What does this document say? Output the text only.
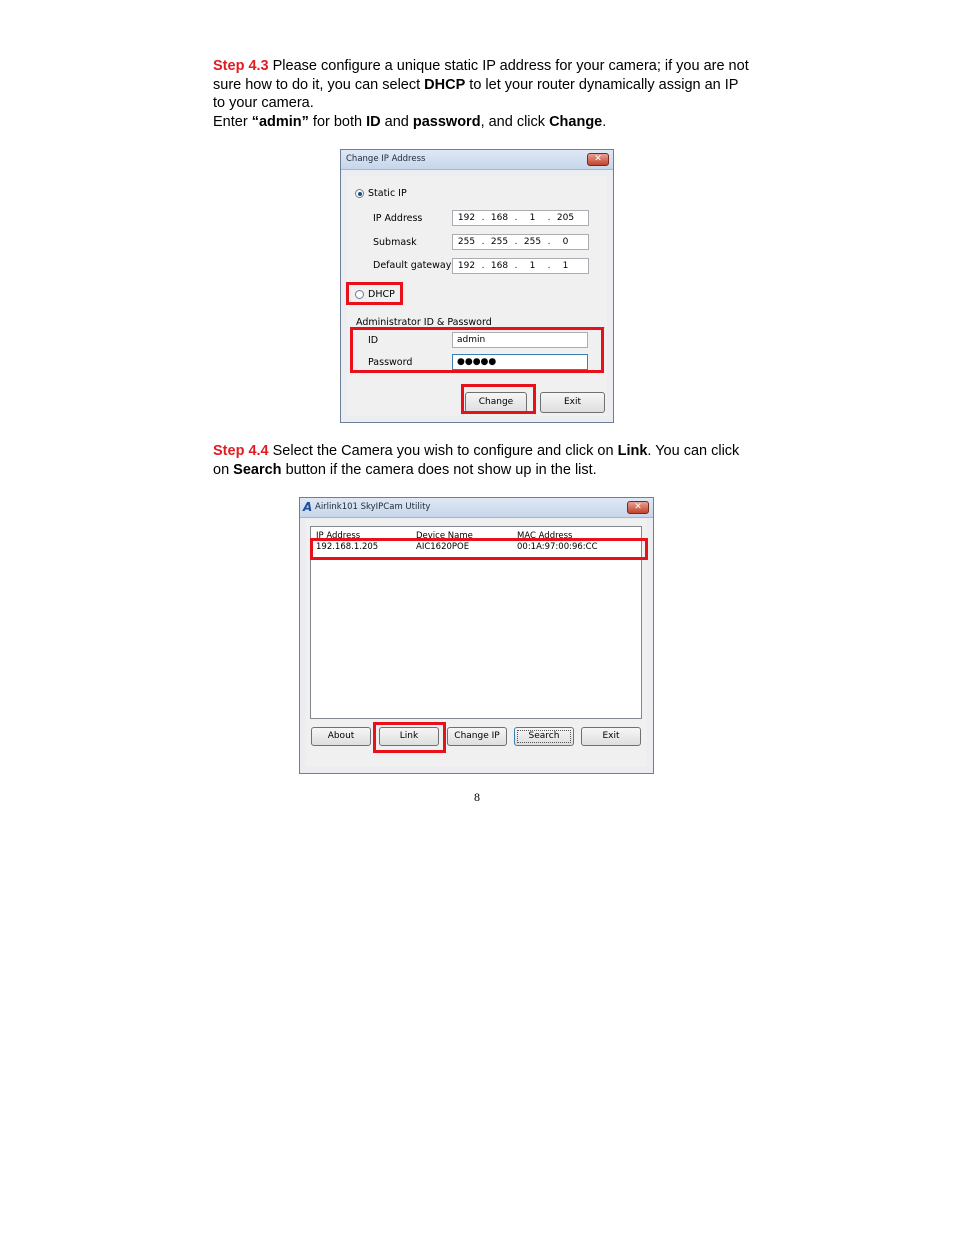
Step 4.3 Please configure a unique static IP address for your camera; if you are not sure how to do it, you can select DHCP to let your router dynamically assign an IP to your camera.
Enter “admin” for both ID and password, and click Change.

Change IP Address	✕
Static IP
IP Address	192 . 168 .	1	. 205
Submask	255 . 255 . 255 .	0
Default gateway 192 . 168 .	1	.	1
DHCP
Administrator ID & Password
ID	admin
Password	●●●●●
Change	Exit

Step 4.4 Select the Camera you wish to configure and click on Link. You can click on Search button if the camera does not show up in the list.

A Airlink101 SkyIPCam Utility	✕
IP Address	Device Name	MAC Address
192.168.1.205	AIC1620POE	00:1A:97:00:96:CC
About	Link	Change IP	Search	Exit
8
